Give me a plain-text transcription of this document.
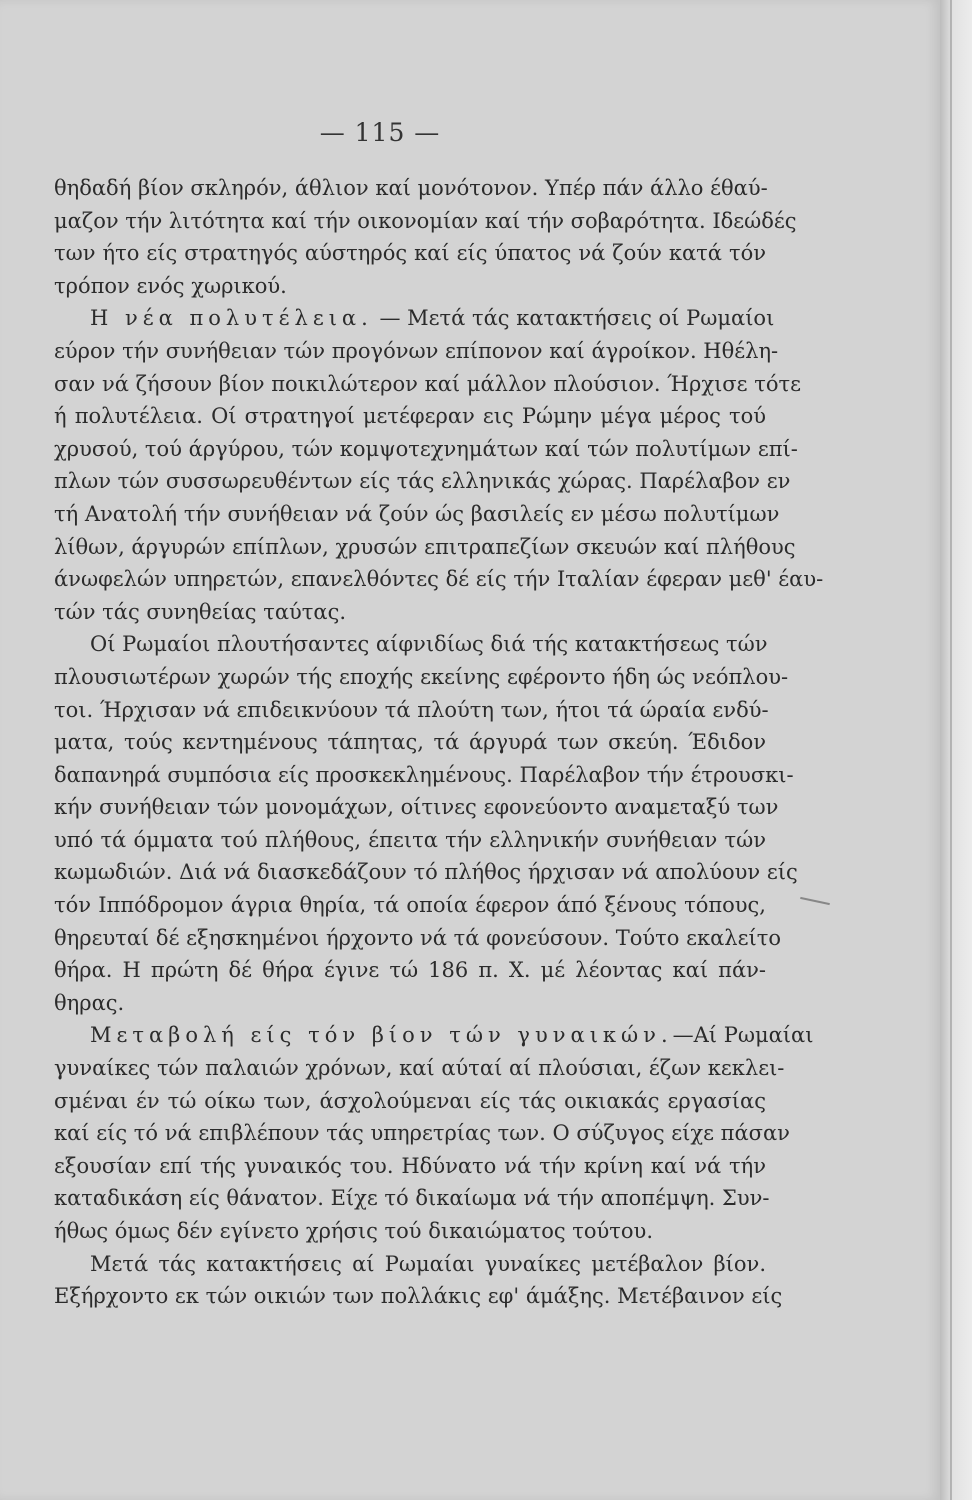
— 115 —
θηδαδή βίον σκληρόν, άθλιον καί μονότονον. Υπέρ πάν άλλο έθαύ-
μαζον τήν λιτότητα καί τήν οικονομίαν καί τήν σοβαρότητα. Ιδεώδές
των ήτο είς στρατηγός αύστηρός καί είς ύπατος νά ζούν κατά τόν
τρόπον ενός χωρικού.
Η νέα πολυτέλεια. — Μετά τάς κατακτήσεις οί Ρωμαίοι
εύρον τήν συνήθειαν τών προγόνων επίπονον καί άγροίκον. Ηθέλη-
σαν νά ζήσουν βίον ποικιλώτερον καί μάλλον πλούσιον. Ήρχισε τότε
ή πολυτέλεια. Οί στρατηγοί μετέφεραν εις Ρώμην μέγα μέρος τού
χρυσού, τού άργύρου, τών κομψοτεχνημάτων καί τών πολυτίμων επί-
πλων τών συσσωρευθέντων είς τάς ελληνικάς χώρας. Παρέλαβον εν
τή Ανατολή τήν συνήθειαν νά ζούν ώς βασιλείς εν μέσω πολυτίμων
λίθων, άργυρών επίπλων, χρυσών επιτραπεζίων σκευών καί πλήθους
άνωφελών υπηρετών, επανελθόντες δέ είς τήν Ιταλίαν έφεραν μεθ' έαυ-
τών τάς συνηθείας ταύτας.
Οί Ρωμαίοι πλουτήσαντες αίφνιδίως διά τής κατακτήσεως τών
πλουσιωτέρων χωρών τής εποχής εκείνης εφέροντο ήδη ώς νεόπλου-
τοι. Ήρχισαν νά επιδεικνύουν τά πλούτη των, ήτοι τά ώραία ενδύ-
ματα, τούς κεντημένους τάπητας, τά άργυρά των σκεύη. Έδιδον
δαπανηρά συμπόσια είς προσκεκλημένους. Παρέλαβον τήν έτρουσκι-
κήν συνήθειαν τών μονομάχων, οίτινες εφονεύοντο αναμεταξύ των
υπό τά όμματα τού πλήθους, έπειτα τήν ελληνικήν συνήθειαν τών
κωμωδιών. Διά νά διασκεδάζουν τό πλήθος ήρχισαν νά απολύουν είς
τόν Ιππόδρομον άγρια θηρία, τά οποία έφερον άπό ξένους τόπους,
θηρευταί δέ εξησκημένοι ήρχοντο νά τά φονεύσουν. Τούτο εκαλείτο
θήρα. Η πρώτη δέ θήρα έγινε τώ 186 π. Χ. μέ λέοντας καί πάν-
θηρας.
Μεταβολή είς τόν βίον τών γυναικών.—Αί Ρωμαίαι
γυναίκες τών παλαιών χρόνων, καί αύταί αί πλούσιαι, έζων κεκλει-
σμέναι έν τώ οίκω των, άσχολούμεναι είς τάς οικιακάς εργασίας
καί είς τό νά επιβλέπουν τάς υπηρετρίας των. Ο σύζυγος είχε πάσαν
εξουσίαν επί τής γυναικός του. Ηδύνατο νά τήν κρίνη καί νά τήν
καταδικάση είς θάνατον. Είχε τό δικαίωμα νά τήν αποπέμψη. Συν-
ήθως όμως δέν εγίνετο χρήσις τού δικαιώματος τούτου.
Μετά τάς κατακτήσεις αί Ρωμαίαι γυναίκες μετέβαλον βίον.
Εξήρχοντο εκ τών οικιών των πολλάκις εφ' άμάξης. Μετέβαινον είς
